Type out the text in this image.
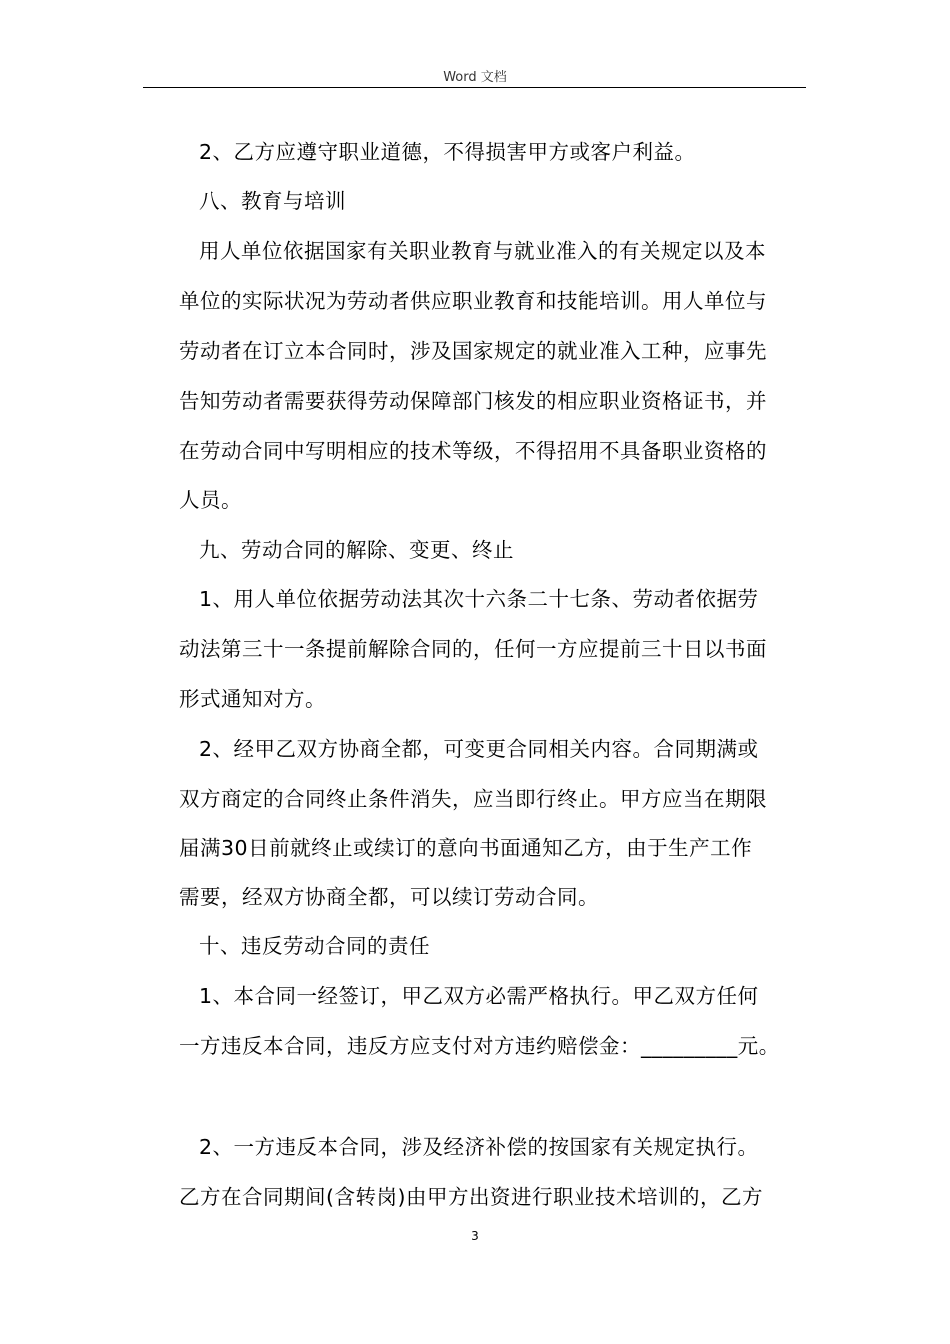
Word 文档
2、乙方应遵守职业道德，不得损害甲方或客户利益。
八、教育与培训
用人单位依据国家有关职业教育与就业准入的有关规定以及本
单位的实际状况为劳动者供应职业教育和技能培训。用人单位与
劳动者在订立本合同时，涉及国家规定的就业准入工种，应事先
告知劳动者需要获得劳动保障部门核发的相应职业资格证书，并
在劳动合同中写明相应的技术等级，不得招用不具备职业资格的
人员。
九、劳动合同的解除、变更、终止
1、用人单位依据劳动法其次十六条二十七条、劳动者依据劳
动法第三十一条提前解除合同的，任何一方应提前三十日以书面
形式通知对方。
2、经甲乙双方协商全都，可变更合同相关内容。合同期满或
双方商定的合同终止条件消失，应当即行终止。甲方应当在期限
届满30日前就终止或续订的意向书面通知乙方，由于生产工作
需要，经双方协商全都，可以续订劳动合同。
十、违反劳动合同的责任
1、本合同一经签订，甲乙双方必需严格执行。甲乙双方任何
一方违反本合同，违反方应支付对方违约赔偿金：_________元。
2、一方违反本合同，涉及经济补偿的按国家有关规定执行。
乙方在合同期间(含转岗)由甲方出资进行职业技术培训的，乙方
3
